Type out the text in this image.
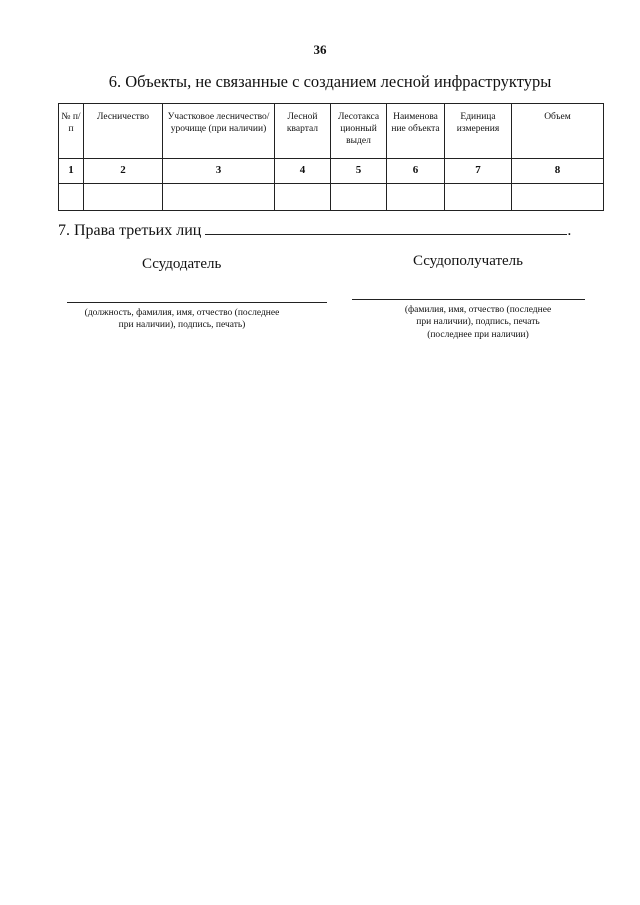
36
6. Объекты, не связанные с созданием лесной инфраструктуры
№ п/п	Лесничество	Участковое лесничество/урочище (при наличии)	Лесной квартал	Лесотакса ционный выдел	Наименова ние объекта	Единица измерения	Объем
1	2	3	4	5	6	7	8

7. Права третьих лиц	.
Ссудодатель	Ссудополучатель
(должность, фамилия, имя, отчество (последнее
при наличии), подпись, печать)
(фамилия, имя, отчество (последнее
при наличии), подпись, печать
(последнее при наличии)
